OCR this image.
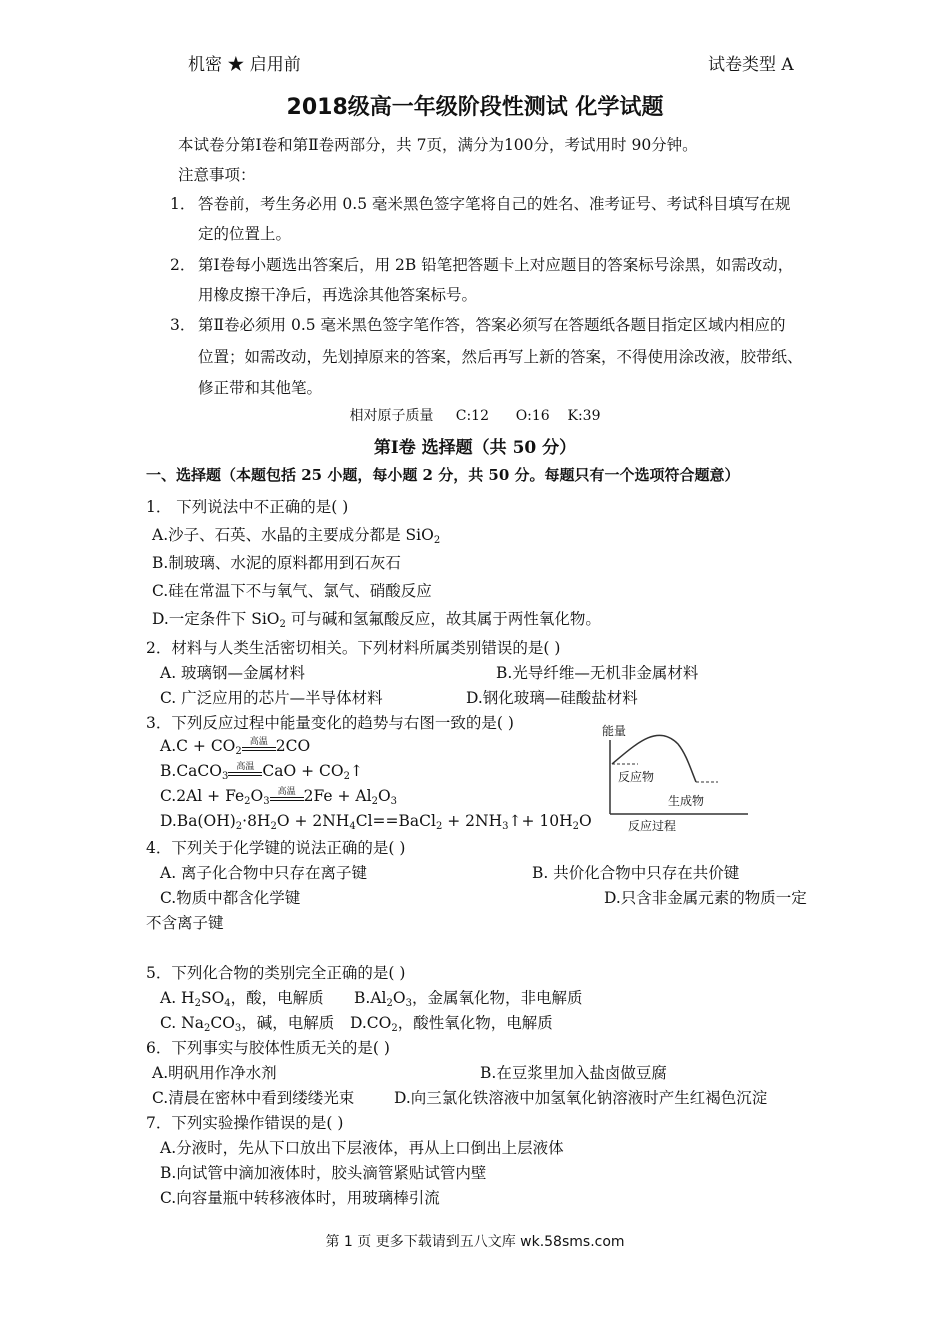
机密 ★ 启用前	试卷类型 A
2018级高一年级阶段性测试 化学试题
本试卷分第Ⅰ卷和第Ⅱ卷两部分，共 7页，满分为100分，考试用时 90分钟。
注意事项：
1． 答卷前，考生务必用 0.5 毫米黑色签字笔将自己的姓名、准考证号、考试科目填写在规
定的位置上。
2． 第Ⅰ卷每小题选出答案后，用 2B 铅笔把答题卡上对应题目的答案标号涂黑，如需改动，
用橡皮擦干净后，再选涂其他答案标号。
3． 第Ⅱ卷必须用 0.5 毫米黑色签字笔作答，答案必须写在答题纸各题目指定区域内相应的
位置；如需改动，先划掉原来的答案，然后再写上新的答案，不得使用涂改液，胶带纸、
修正带和其他笔。
相对原子质量     C:12      O:16    K:39
第Ⅰ卷 选择题（共 50 分）
一、选择题（本题包括 25 小题，每小题 2 分，共 50 分。每题只有一个选项符合题意）
1． 下列说法中不正确的是( )
A.沙子、石英、水晶的主要成分都是 SiO$_2$
B.制玻璃、水泥的原料都用到石灰石
C.硅在常温下不与氧气、氯气、硝酸反应
D.一定条件下 SiO$_2$ 可与碱和氢氟酸反应，故其属于两性氧化物。
2．材料与人类生活密切相关。下列材料所属类别错误的是( )
A. 玻璃钢—金属材料	B.光导纤维—无机非金属材料
C. 广泛应用的芯片—半导体材料	D.钢化玻璃—硅酸盐材料
3．下列反应过程中能量变化的趋势与右图一致的是( )
$A.C + CO_2$
高温 2CO
B.CaCO$_3$
高温 CaO + $CO_2↑$
$C.2Al + Fe_2O_3$
高温 $2Fe + Al_2O_3$
$D.Ba(OH)_2\cdot 8H_2O$ + $2NH_4Cl==BaCl_2$ + $2NH_3↑+ 10H_2O$
能量
反应物
生成物
反应过程
4．下列关于化学键的说法正确的是( )
A. 离子化合物中只存在离子键	B. 共价化合物中只存在共价键
C.物质中都含化学键	D.只含非金属元素的物质一定
不含离子键
5．下列化合物的类别完全正确的是( )
A. $H_2SO_4$，酸，电解质 $B.Al_2O_3$，金属氧化物，非电解质
C. $Na_2CO_3$，碱，电解质 $D.CO_2$，酸性氧化物，电解质
6．下列事实与胶体性质无关的是( )
A.明矾用作净水剂	B.在豆浆里加入盐卤做豆腐
C.清晨在密林中看到缕缕光束	D.向三氯化铁溶液中加氢氧化钠溶液时产生红褐色沉淀
7．下列实验操作错误的是( )
A.分液时，先从下口放出下层液体，再从上口倒出上层液体
B.向试管中滴加液体时，胶头滴管紧贴试管内壁
C.向容量瓶中转移液体时，用玻璃棒引流
第 1 页 更多下载请到五八文库 wk.58sms.com
